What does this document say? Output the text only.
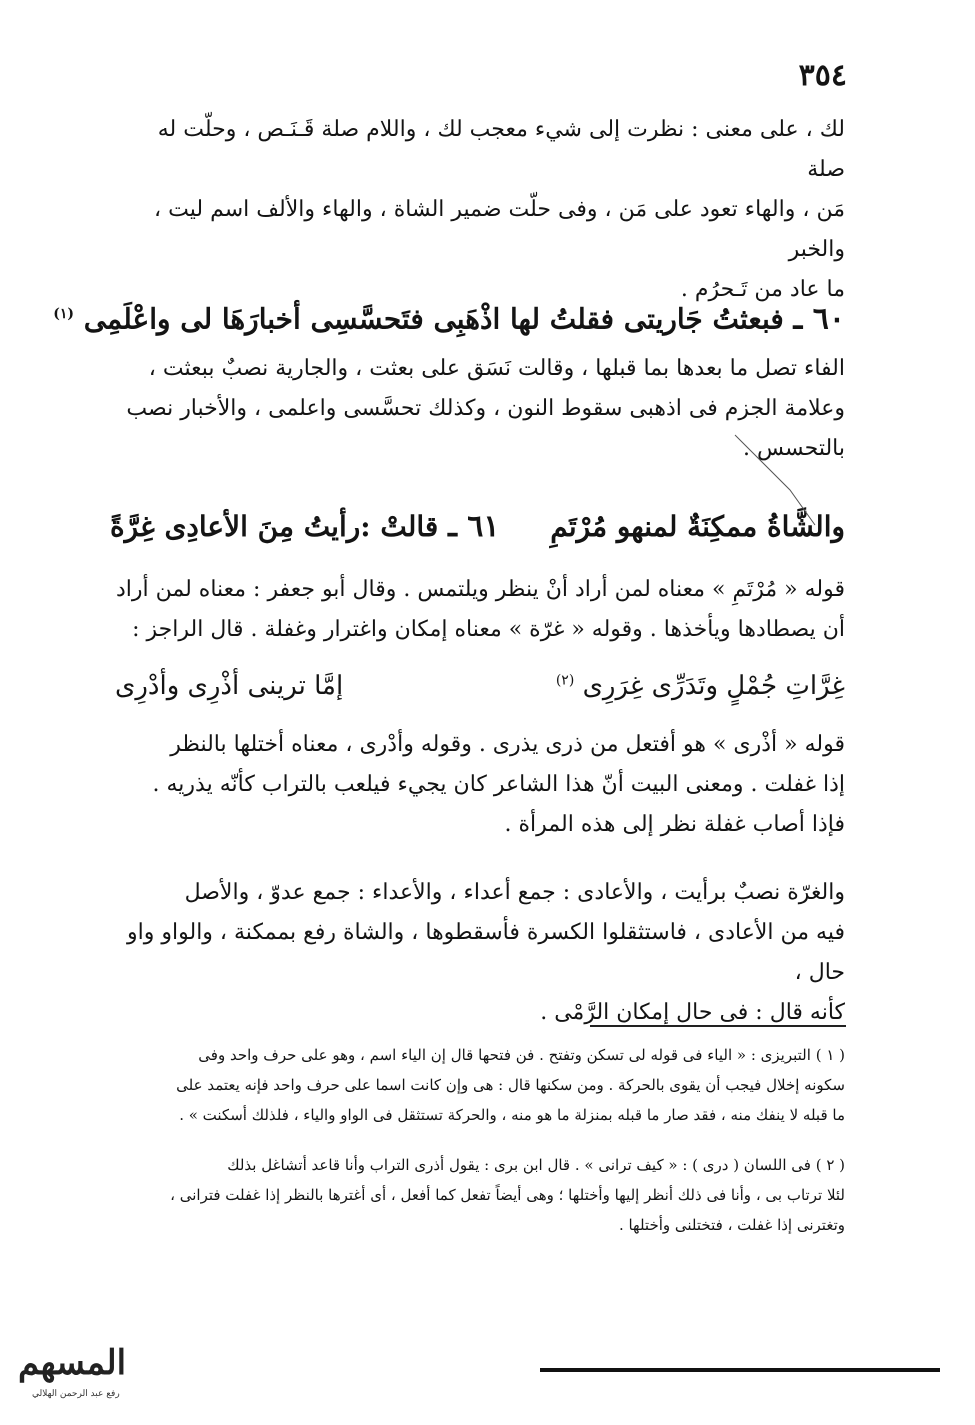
٣٥٤

لك ، على معنى : نظرت إلى شيء معجب لك ، واللام صلة قَـنَـص ، وحلّت له صلة

مَن ، والهاء تعود على مَن ، وفى حلّت ضمير الشاة ، والهاء والألف اسم ليت ، والخبر

ما عاد من تَـحرُم .

٦٠ ـ فبعثتُ جَاريتى فقلتُ لها اذْهَبِى فتَحسَّسِى أخبارَهَا لى واعْلَمِى $^{(١)}$

الفاء تصل ما بعدها بما قبلها ، وقالت نَسَق على بعثت ، والجارية نصبٌ ببعثت ،

وعلامة الجزم فى اذهبى سقوط النون ، وكذلك تحسَّسى واعلمى ، والأخبار نصب

بالتحسس .

٦١ ـ قالتْ :رأيتُ مِنَ الأعادِى غِرَّةً	والشَّاةُ ممكِنَةٌ لمنهو مُرْتَمِ

قوله « مُرْتَمِ » معناه لمن أراد أنْ ينظر ويلتمس . وقال أبو جعفر : معناه لمن أراد

أن يصطادها ويأخذها . وقوله « غرّة » معناه إمكان واغترار وغفلة . قال الراجز :

إمَّا ترينى أذْرِى وأدْرِى	غِرَّاتِ جُمْلٍ وتَدَرِّى غِرَرِى $^{(٢)}$

قوله « أذْرى » هو أفتعل من ذرى يذرى . وقوله وأدْرى ، معناه أختلها بالنظر

إذا غفلت . ومعنى البيت أنّ هذا الشاعر كان يجيء فيلعب بالتراب كأنّه يذريه .

فإذا أصاب غفلة نظر إلى هذه المرأة .

والغرّة نصبٌ برأيت ، والأعادى : جمع أعداء ، والأعداء : جمع عدوّ ، والأصل

فيه من الأعادى ، فاستثقلوا الكسرة فأسقطوها ، والشاة رفع بممكنة ، والواو واو حال ،

كأنه قال : فى حال إمكان الرَّمْى .

( ١ ) التبريزى : « الياء فى قوله لى تسكن وتفتح . فن فتحها قال إن الياء اسم ، وهو على حرف واحد وفى

سكونه إخلال فيجب أن يقوى بالحركة . ومن سكنها قال : هى وإن كانت اسما على حرف واحد فإنه يعتمد على

ما قبله لا ينفك منه ، فقد صار ما قبله بمنزلة ما هو منه ، والحركة تستثقل فى الواو والياء ، فلذلك أسكنت » .

( ٢ ) فى اللسان ( درى ) : « كيف ترانى » . قال ابن برى : يقول أذرى التراب وأنا قاعد أتشاغل بذلك

لئلا ترتاب بى ، وأنا فى ذلك أنظر إليها وأختلها ؛ وهى أيضاً تفعل كما أفعل ، أى أغترها بالنظر إذا غفلت فترانى ،

وتغترنى إذا غفلت ، فتختلنى وأختلها .

المسهم
رفع عبد الرحمن الهلالي
